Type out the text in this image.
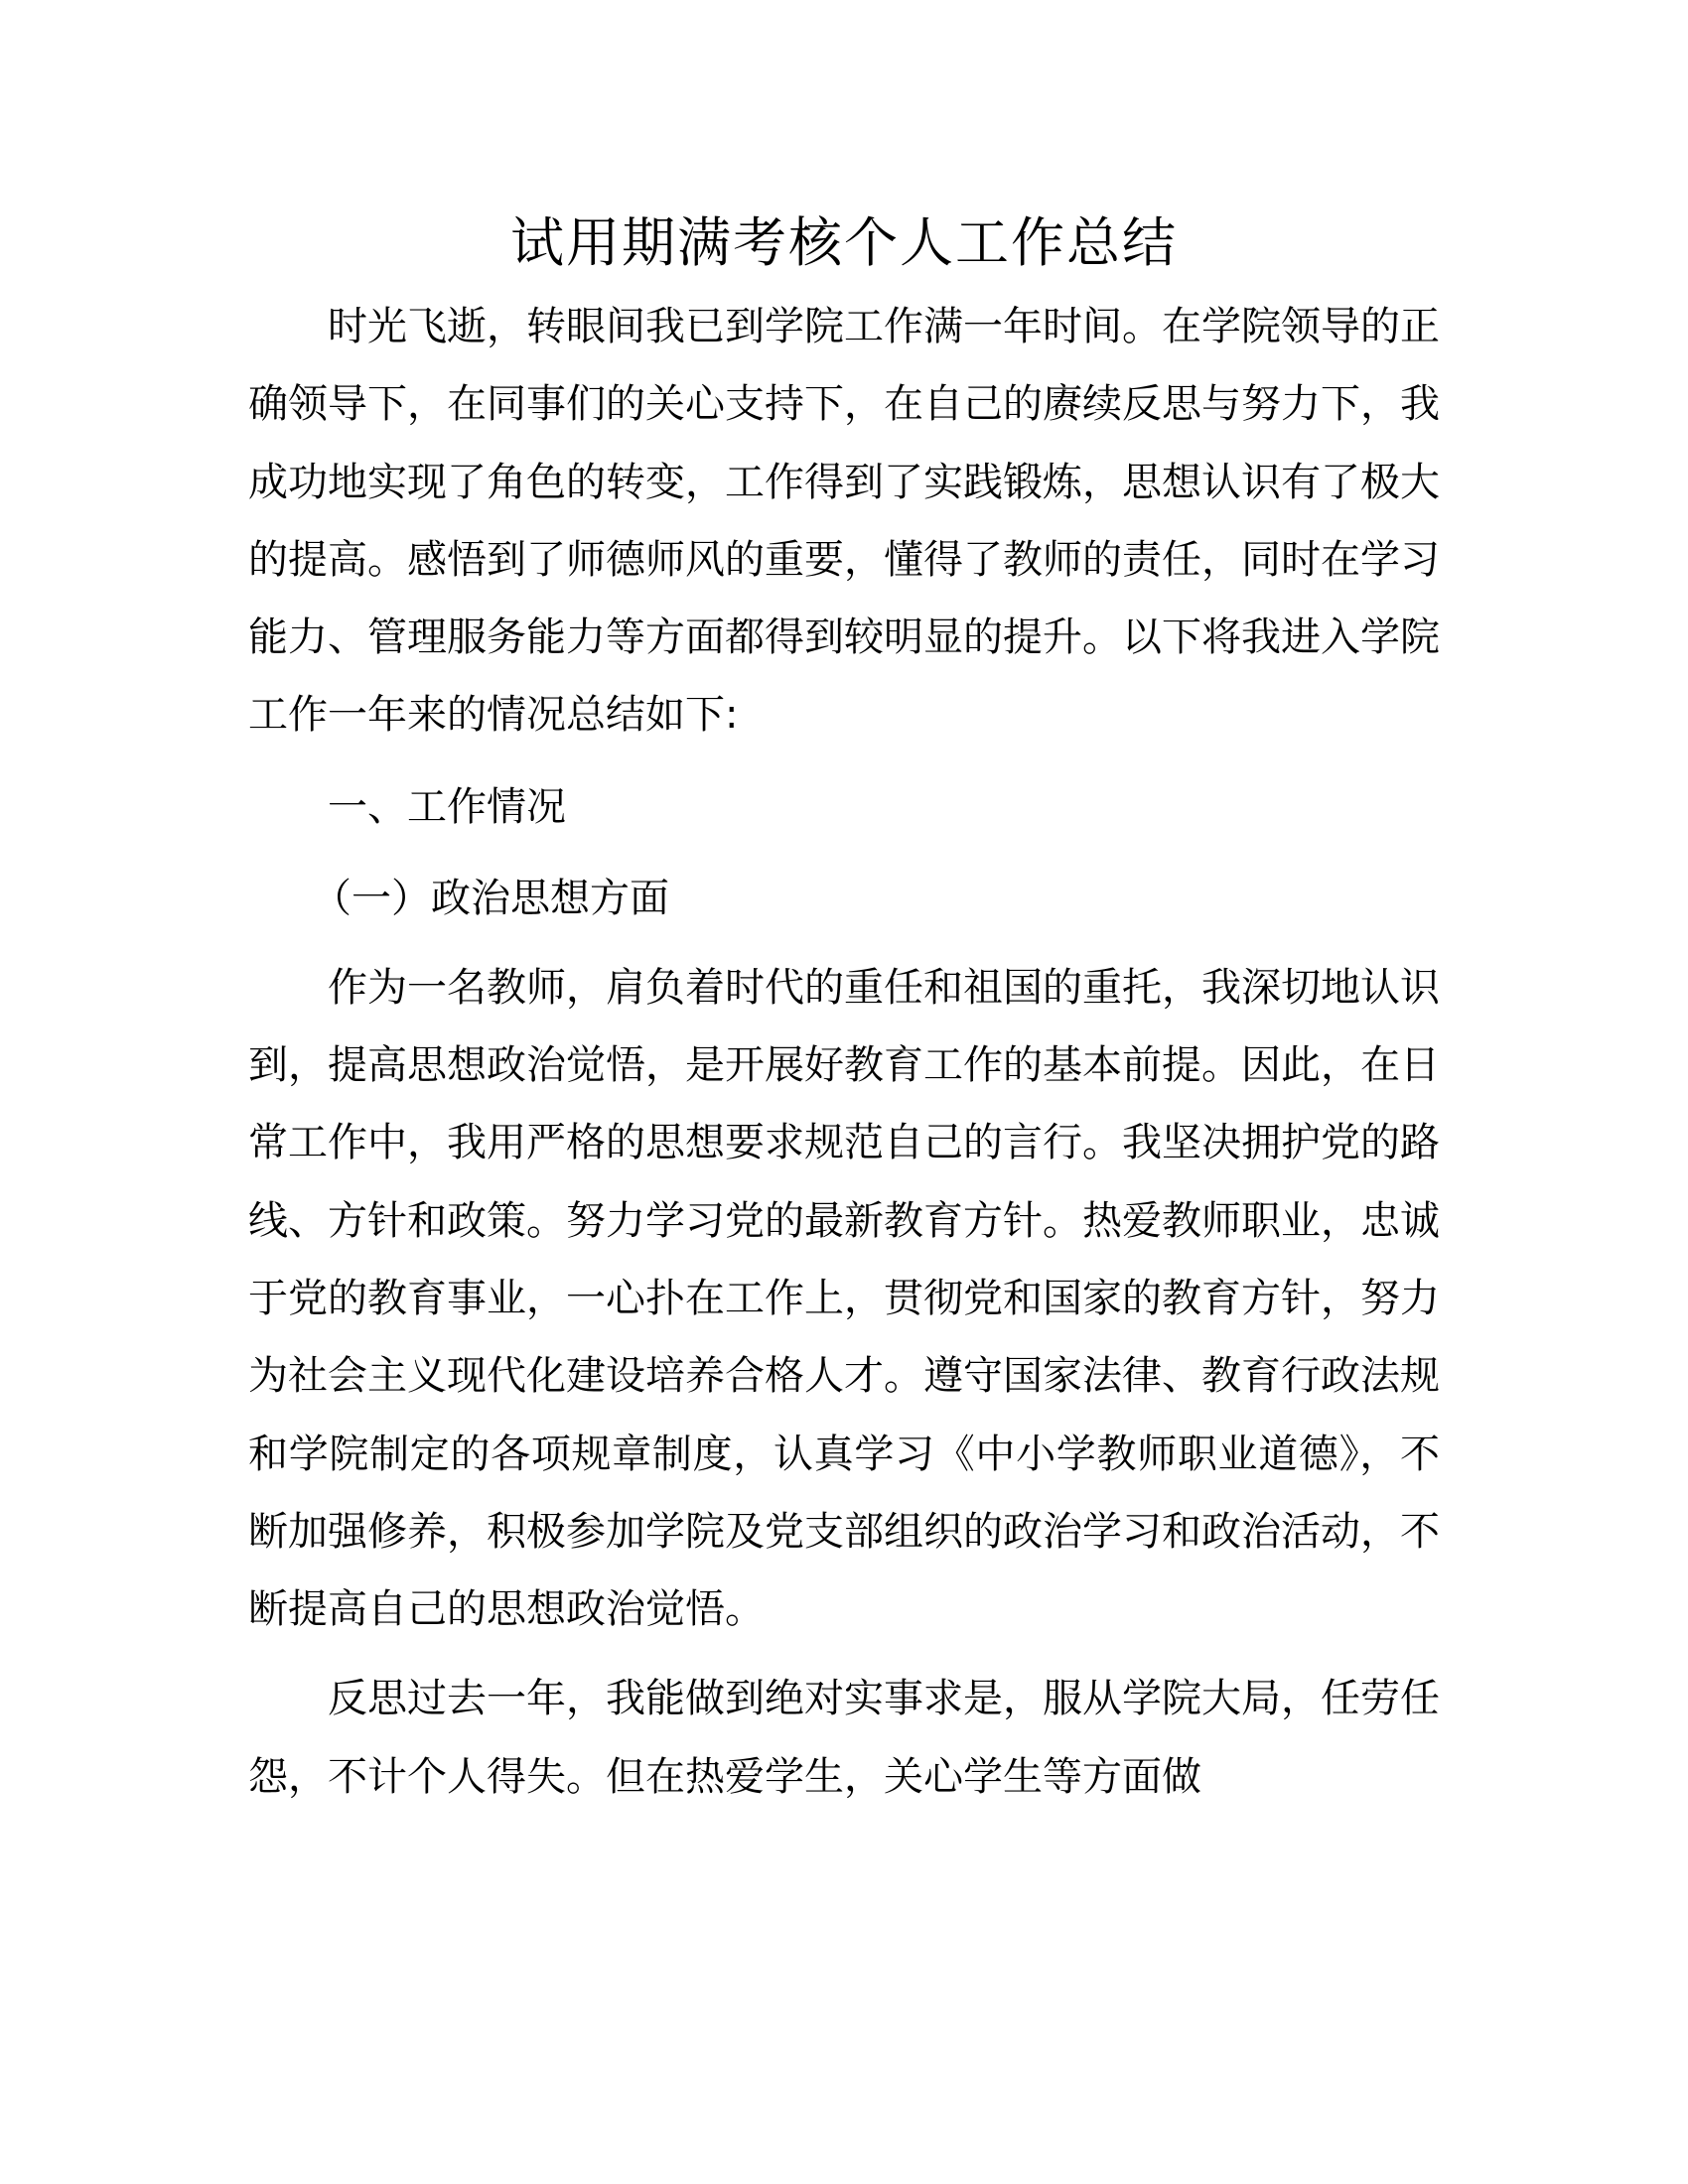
试用期满考核个人工作总结

时光飞逝，转眼间我已到学院工作满一年时间。在学院领导的正确领导下，在同事们的关心支持下，在自己的赓续反思与努力下，我成功地实现了角色的转变，工作得到了实践锻炼，思想认识有了极大的提高。感悟到了师德师风的重要，懂得了教师的责任，同时在学习能力、管理服务能力等方面都得到较明显的提升。以下将我进入学院工作一年来的情况总结如下:

一、工作情况

（一）政治思想方面

作为一名教师，肩负着时代的重任和祖国的重托，我深切地认识到，提高思想政治觉悟，是开展好教育工作的基本前提。因此，在日常工作中，我用严格的思想要求规范自己的言行。我坚决拥护党的路线、方针和政策。努力学习党的最新教育方针。热爱教师职业，忠诚于党的教育事业，一心扑在工作上，贯彻党和国家的教育方针，努力为社会主义现代化建设培养合格人才。遵守国家法律、教育行政法规和学院制定的各项规章制度，认真学习《中小学教师职业道德》，不断加强修养，积极参加学院及党支部组织的政治学习和政治活动，不断提高自己的思想政治觉悟。

反思过去一年，我能做到绝对实事求是，服从学院大局，任劳任怨，不计个人得失。但在热爱学生，关心学生等方面做
